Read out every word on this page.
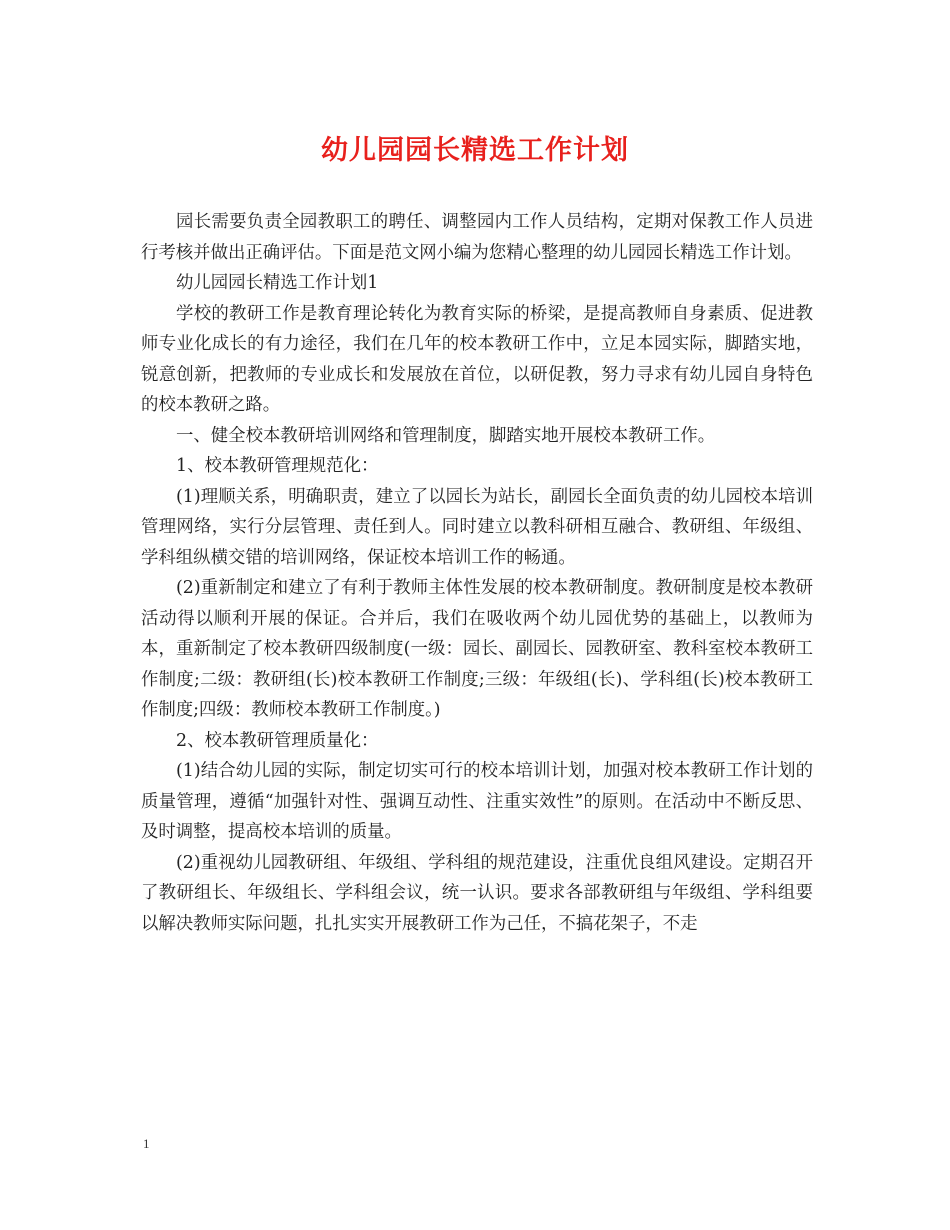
幼儿园园长精选工作计划

园长需要负责全园教职工的聘任、调整园内工作人员结构，定期对保教工作人员进行考核并做出正确评估。下面是范文网小编为您精心整理的幼儿园园长精选工作计划。

幼儿园园长精选工作计划1

学校的教研工作是教育理论转化为教育实际的桥梁，是提高教师自身素质、促进教师专业化成长的有力途径，我们在几年的校本教研工作中，立足本园实际，脚踏实地，锐意创新，把教师的专业成长和发展放在首位，以研促教，努力寻求有幼儿园自身特色的校本教研之路。

一、健全校本教研培训网络和管理制度，脚踏实地开展校本教研工作。

1、校本教研管理规范化：

(1)理顺关系，明确职责，建立了以园长为站长，副园长全面负责的幼儿园校本培训管理网络，实行分层管理、责任到人。同时建立以教科研相互融合、教研组、年级组、学科组纵横交错的培训网络，保证校本培训工作的畅通。

(2)重新制定和建立了有利于教师主体性发展的校本教研制度。教研制度是校本教研活动得以顺利开展的保证。合并后，我们在吸收两个幼儿园优势的基础上，以教师为本，重新制定了校本教研四级制度(一级：园长、副园长、园教研室、教科室校本教研工作制度;二级：教研组(长)校本教研工作制度;三级：年级组(长)、学科组(长)校本教研工作制度;四级：教师校本教研工作制度。)

2、校本教研管理质量化：

(1)结合幼儿园的实际，制定切实可行的校本培训计划，加强对校本教研工作计划的质量管理，遵循“加强针对性、强调互动性、注重实效性”的原则。在活动中不断反思、及时调整，提高校本培训的质量。

(2)重视幼儿园教研组、年级组、学科组的规范建设，注重优良组风建设。定期召开了教研组长、年级组长、学科组会议，统一认识。要求各部教研组与年级组、学科组要以解决教师实际问题，扎扎实实开展教研工作为己任，不搞花架子，不走

1
